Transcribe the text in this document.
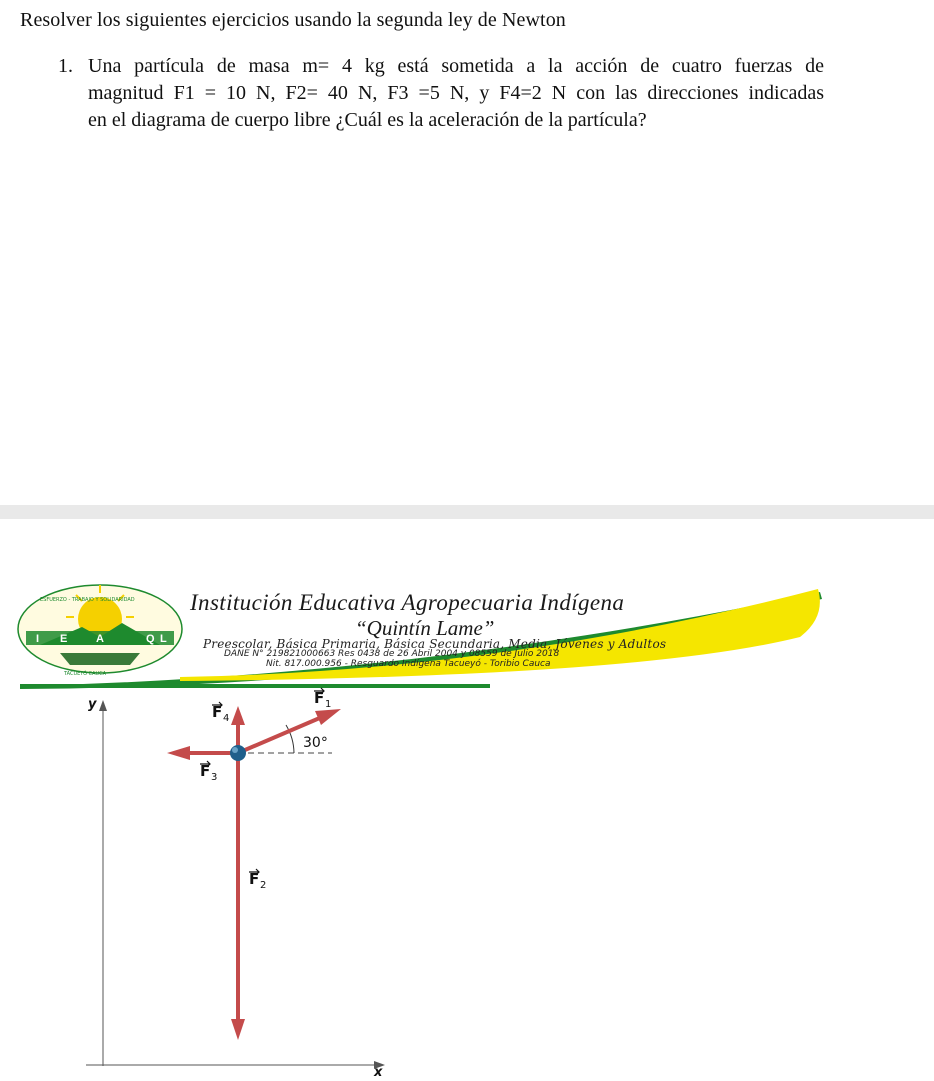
Resolver los siguientes ejercicios usando la segunda ley de Newton
1. Una partícula de masa m= 4 kg está sometida a la acción de cuatro fuerzas de
magnitud F1 = 10 N, F2= 40 N, F3 =5 N, y F4=2 N con las direcciones indicadas
en el diagrama de cuerpo libre ¿Cuál es la aceleración de la partícula?
I E	A	Q L
ESFUERZO - TRABAJO Y SOLIDARIDAD
TACUEYÓ CAUCA
Institución Educativa Agropecuaria Indígena
“Quintín Lame”
Preescolar, Básica Primaria, Básica Secundaria, Media, Jóvenes y Adultos
DANE N° 219821000663 Res 0438 de 26 Abril 2004 y 08559 de Julio 2018
Nit. 817.000.956 - Resguardo Indígena Tacueyó - Toribio Cauca
y
x
30°
F 1
F 4
F 3
F 2
